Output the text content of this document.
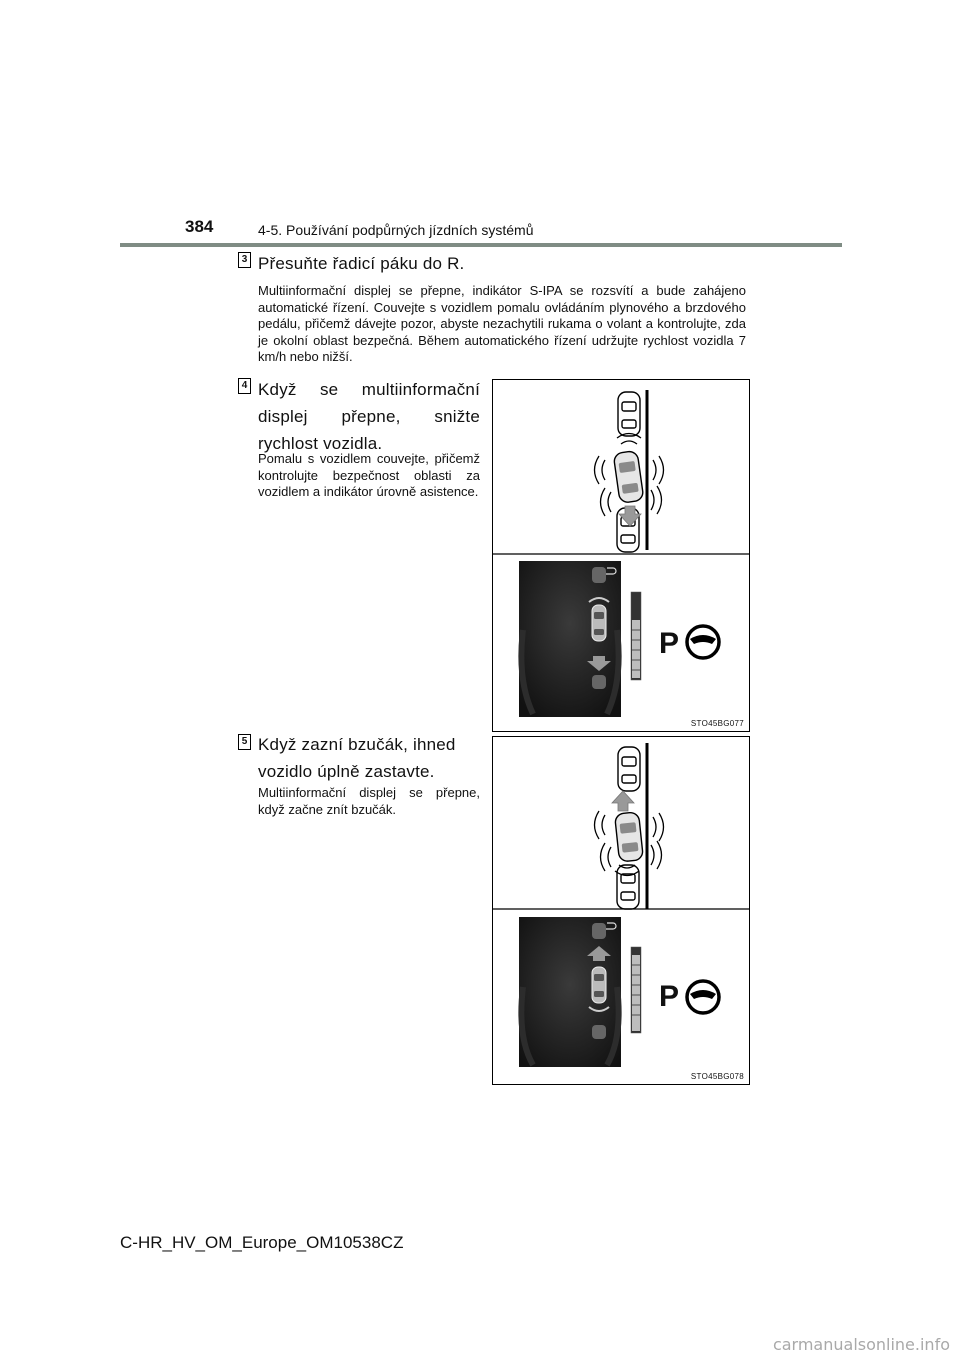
384	4-5. Používání podpůrných jízdních systémů
3 Přesuňte řadicí páku do R.
Multiinformační displej se přepne, indikátor S-IPA se rozsvítí a bude zahájeno automatické řízení. Couvejte s vozidlem pomalu ovládáním plynového a brzdového pedálu, přičemž dávejte pozor, abyste nezachytili rukama o volant a kontrolujte, zda je okolní oblast bezpečná. Během automatického řízení udržujte rychlost vozidla 7 km/h nebo nižší.
4 Když se multiinformační displej přepne, snižte rychlost vozidla.
Pomalu s vozidlem couvejte, přičemž kontrolujte bezpečnost oblasti za vozidlem a indikátor úrovně asistence.
P
STO45BG077
5 Když zazní bzučák, ihned vozidlo úplně zastavte.
Multiinformační displej se přepne, když začne znít bzučák.
P
STO45BG078
C-HR_HV_OM_Europe_OM10538CZ
carmanualsonline.info
